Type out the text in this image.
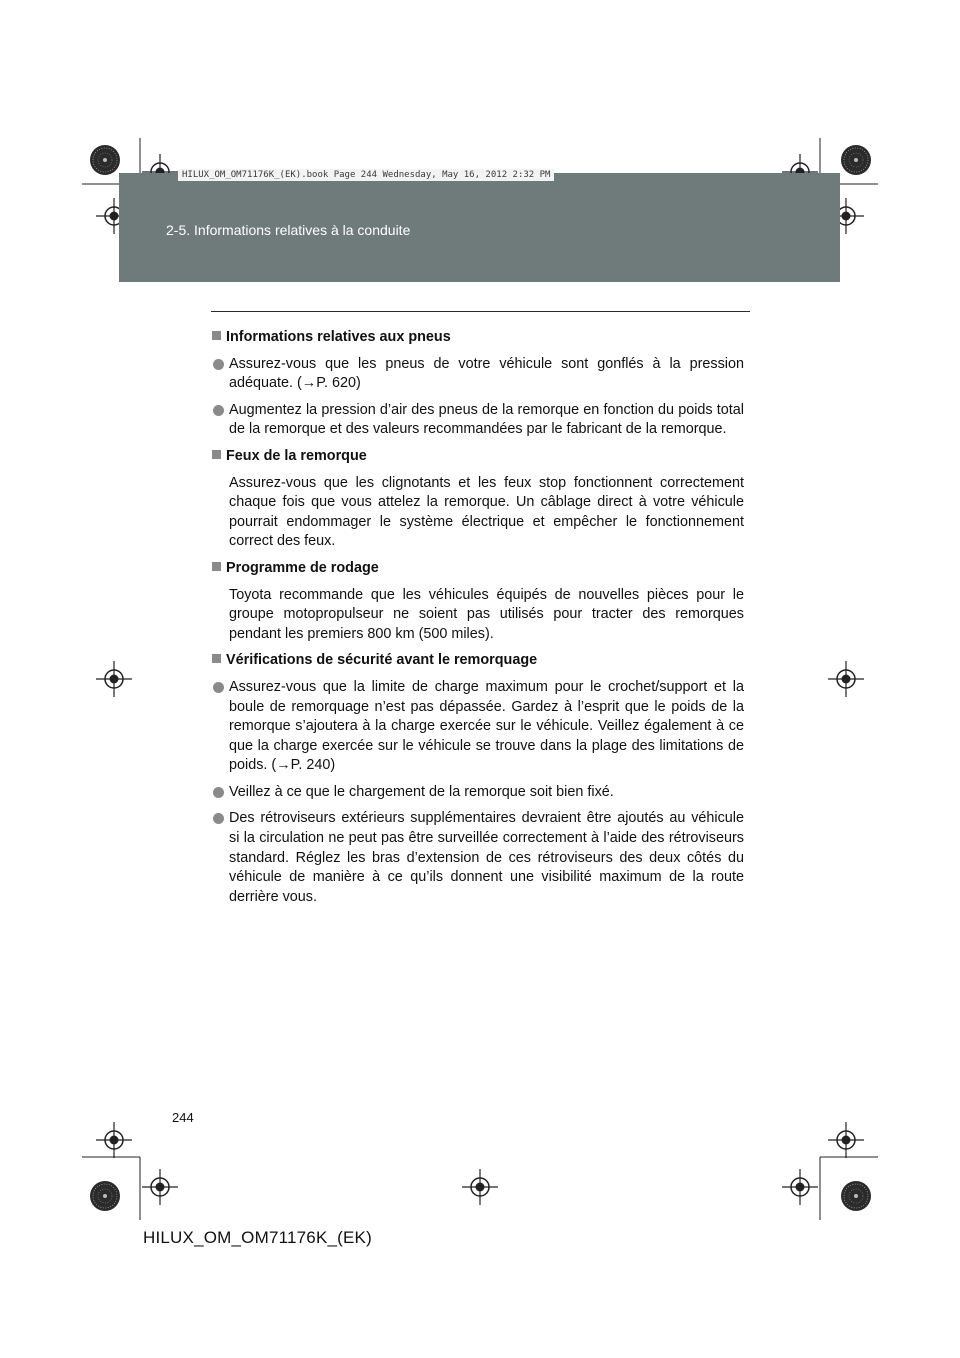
2-5. Informations relatives à la conduite
HILUX_OM_OM71176K_(EK).book Page 244 Wednesday, May 16, 2012 2:32 PM
Informations relatives aux pneus
Assurez-vous que les pneus de votre véhicule sont gonflés à la pression adéquate. (→P. 620)
Augmentez la pression d’air des pneus de la remorque en fonction du poids total de la remorque et des valeurs recommandées par le fabricant de la remorque.
Feux de la remorque
Assurez-vous que les clignotants et les feux stop fonctionnent correctement chaque fois que vous attelez la remorque. Un câblage direct à votre véhicule pourrait endommager le système électrique et empêcher le fonctionnement correct des feux.
Programme de rodage
Toyota recommande que les véhicules équipés de nouvelles pièces pour le groupe motopropulseur ne soient pas utilisés pour tracter des remorques pendant les premiers 800 km (500 miles).
Vérifications de sécurité avant le remorquage
Assurez-vous que la limite de charge maximum pour le crochet/support et la boule de remorquage n’est pas dépassée. Gardez à l’esprit que le poids de la remorque s’ajoutera à la charge exercée sur le véhicule. Veillez également à ce que la charge exercée sur le véhicule se trouve dans la plage des limitations de poids. (→P. 240)
Veillez à ce que le chargement de la remorque soit bien fixé.
Des rétroviseurs extérieurs supplémentaires devraient être ajoutés au véhicule si la circulation ne peut pas être surveillée correctement à l’aide des rétroviseurs standard. Réglez les bras d’extension de ces rétroviseurs des deux côtés du véhicule de manière à ce qu’ils donnent une visibilité maximum de la route derrière vous.
244
HILUX_OM_OM71176K_(EK)
